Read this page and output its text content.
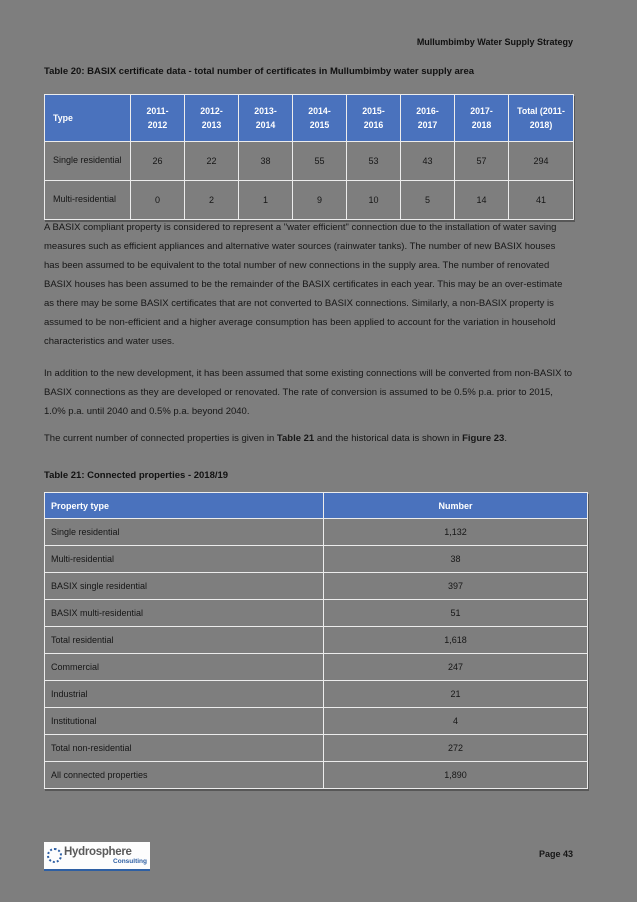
Mullumbimby Water Supply Strategy
Table 20: BASIX certificate data - total number of certificates in Mullumbimby water supply area
Type	2011-2012	2012-2013	2013-2014	2014-2015	2015-2016	2016-2017	2017-2018	Total (2011-2018)
Single residential	26	22	38	55	53	43	57	294
Multi-residential	0	2	1	9	10	5	14	41

A BASIX compliant property is considered to represent a "water efficient" connection due to the installation of water saving measures such as efficient appliances and alternative water sources (rainwater tanks). The number of new BASIX houses has been assumed to be equivalent to the total number of new connections in the supply area. The number of renovated BASIX houses has been assumed to be the remainder of the BASIX certificates in each year. This may be an over-estimate as there may be some BASIX certificates that are not converted to BASIX connections. Similarly, a non-BASIX property is assumed to be non-efficient and a higher average consumption has been applied to account for the variation in household characteristics and water uses.

In addition to the new development, it has been assumed that some existing connections will be converted from non-BASIX to BASIX connections as they are developed or renovated. The rate of conversion is assumed to be 0.5% p.a. prior to 2015, 1.0% p.a. until 2040 and 0.5% p.a. beyond 2040.

The current number of connected properties is given in Table 21 and the historical data is shown in Figure 23.

Table 21: Connected properties - 2018/19
Property type	Number
Single residential	1,132
Multi-residential	38
BASIX single residential	397
BASIX multi-residential	51
Total residential	1,618
Commercial	247
Industrial	21
Institutional	4
Total non-residential	272
All connected properties	1,890
Hydrosphere
Consulting
Page 43
